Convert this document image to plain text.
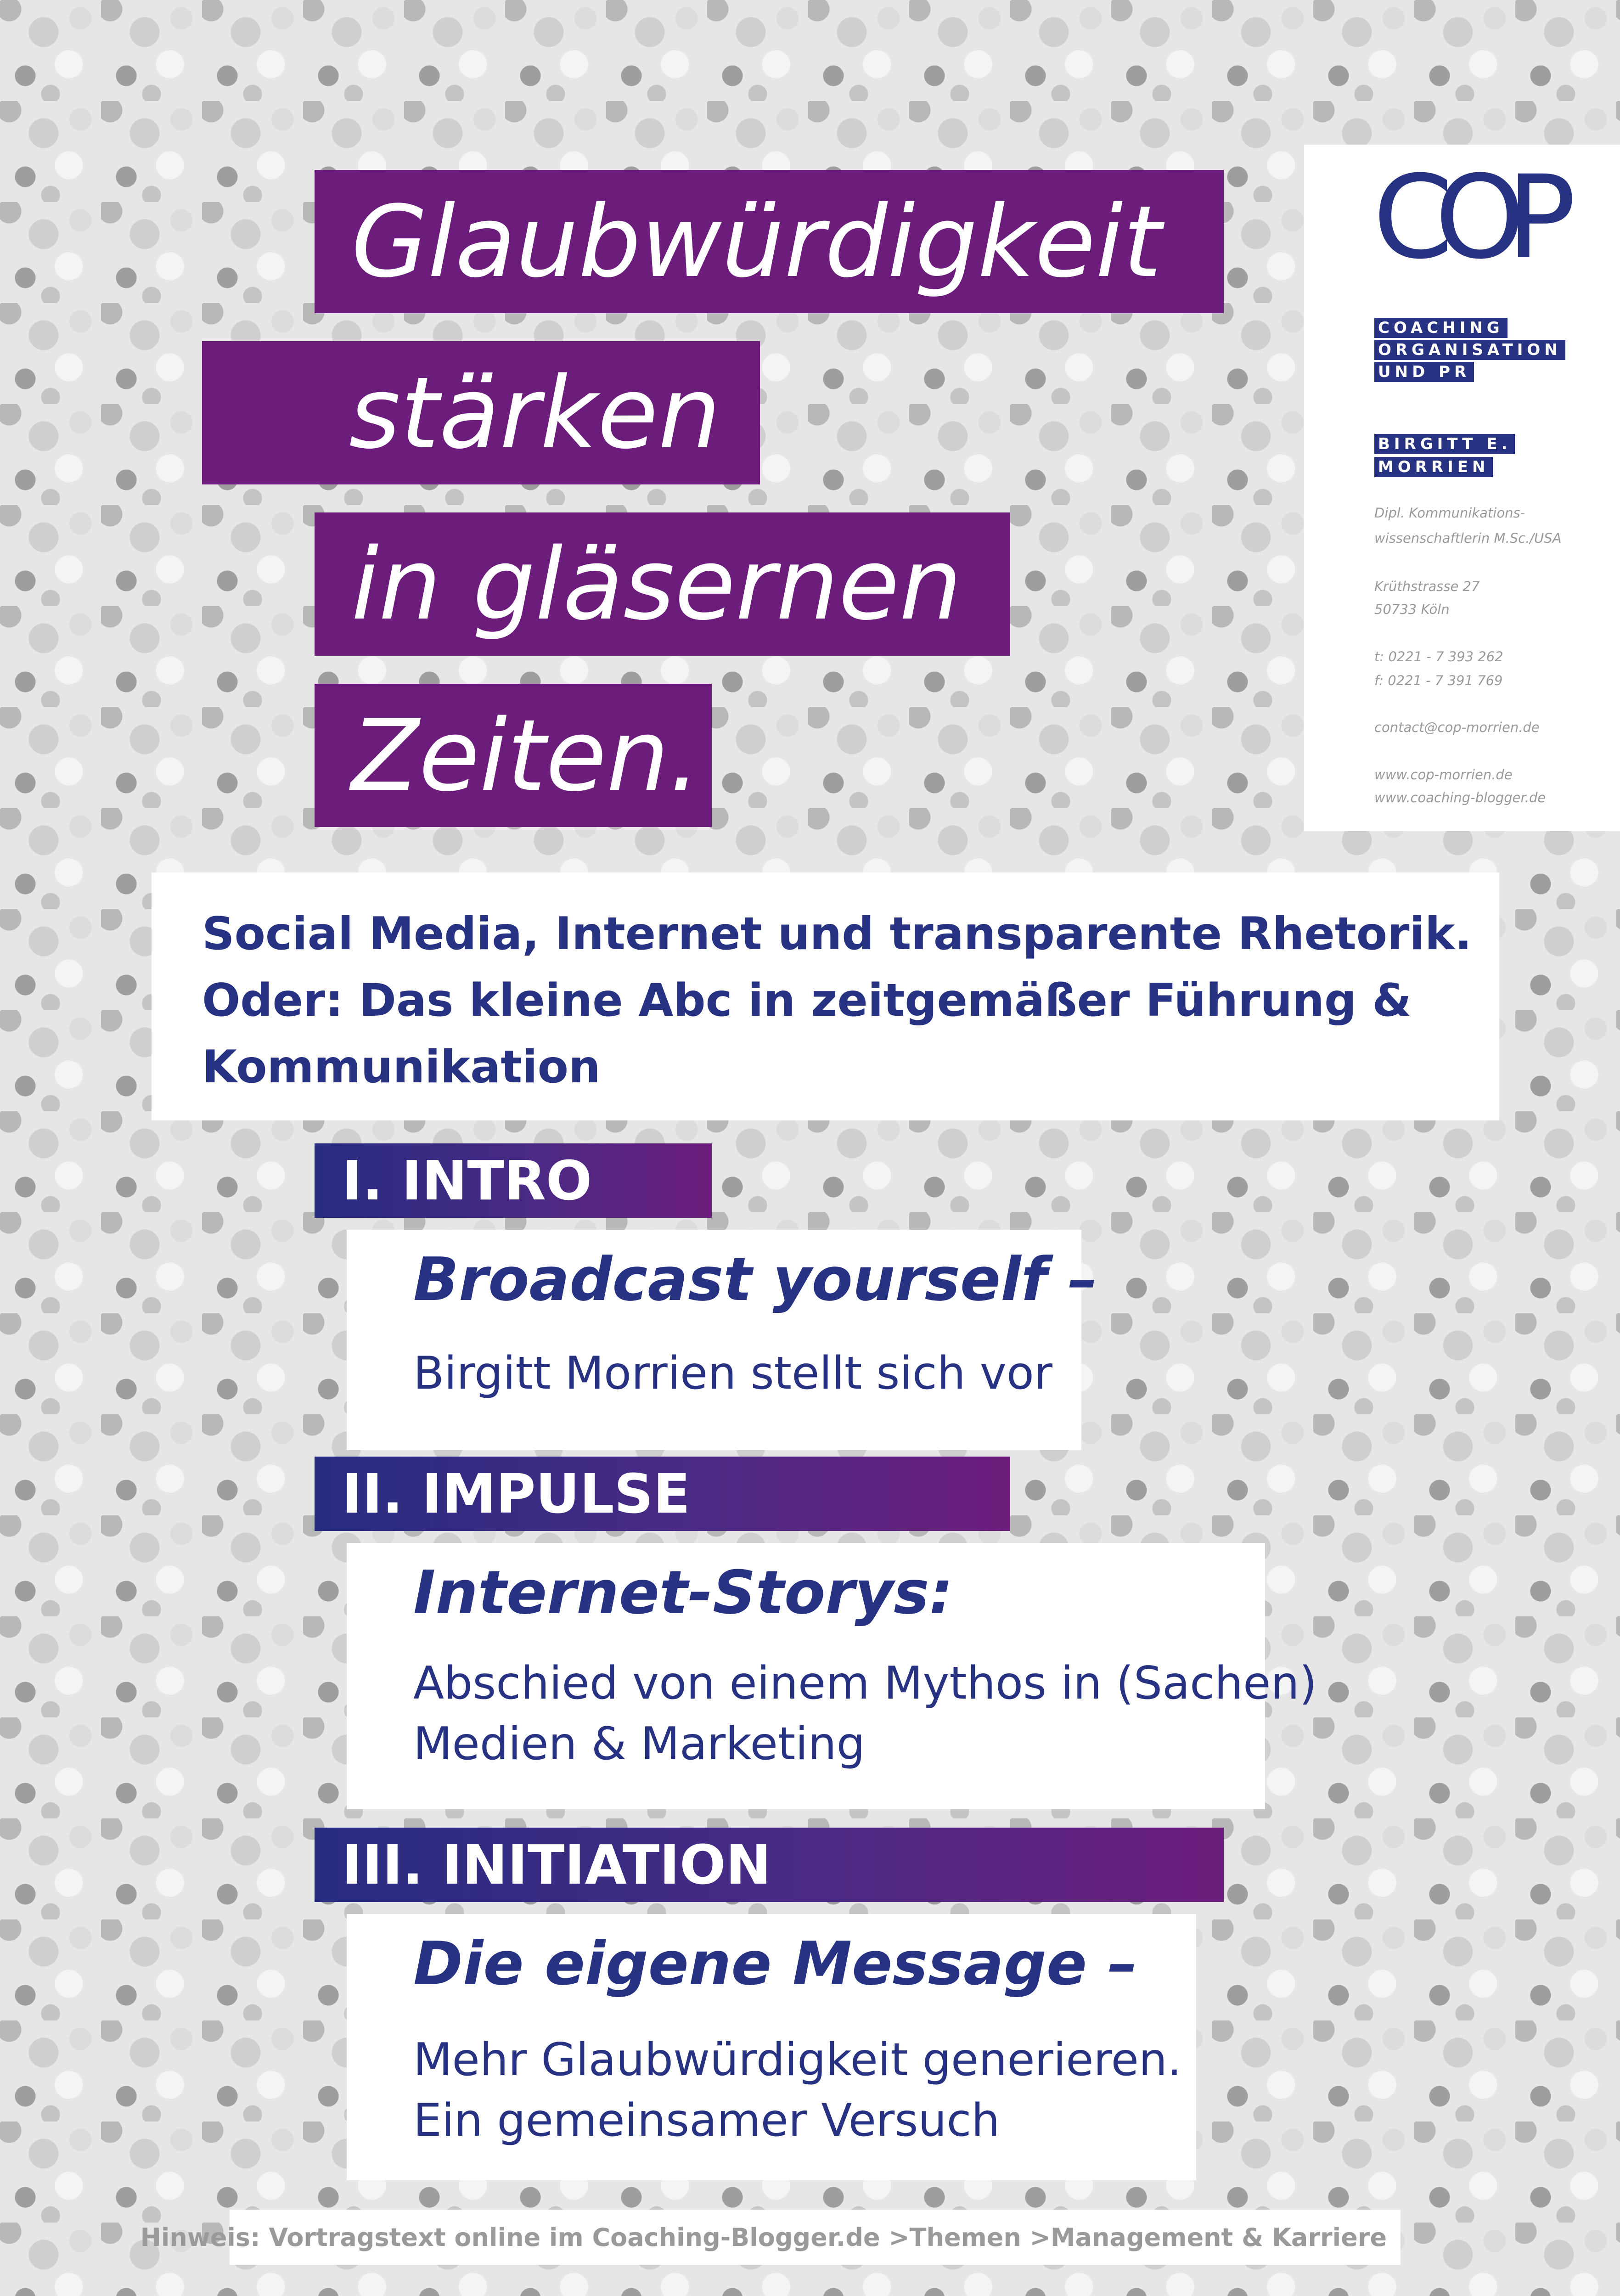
Glaubwürdigkeit
stärken
in gläsernen
Zeiten.
COP
COACHING
ORGANISATION
UND PR
BIRGITT E.
MORRIEN
Dipl. Kommunikations-
wissenschaftlerin M.Sc./USA
Krüthstrasse 27
50733 Köln
t: 0221 - 7 393 262
f: 0221 - 7 391 769
contact@cop-morrien.de
www.cop-morrien.de
www.coaching-blogger.de
Social Media, Internet und transparente Rhetorik.
Oder: Das kleine Abc in zeitgemäßer Führung &
Kommunikation
I. INTRO
Broadcast yourself –
Birgitt Morrien stellt sich vor
II. IMPULSE
Internet-Storys:
Abschied von einem Mythos in (Sachen)
Medien & Marketing
III. INITIATION
Die eigene Message –
Mehr Glaubwürdigkeit generieren.
Ein gemeinsamer Versuch
Hinweis: Vortragstext online im Coaching-Blogger.de >Themen >Management & Karriere
